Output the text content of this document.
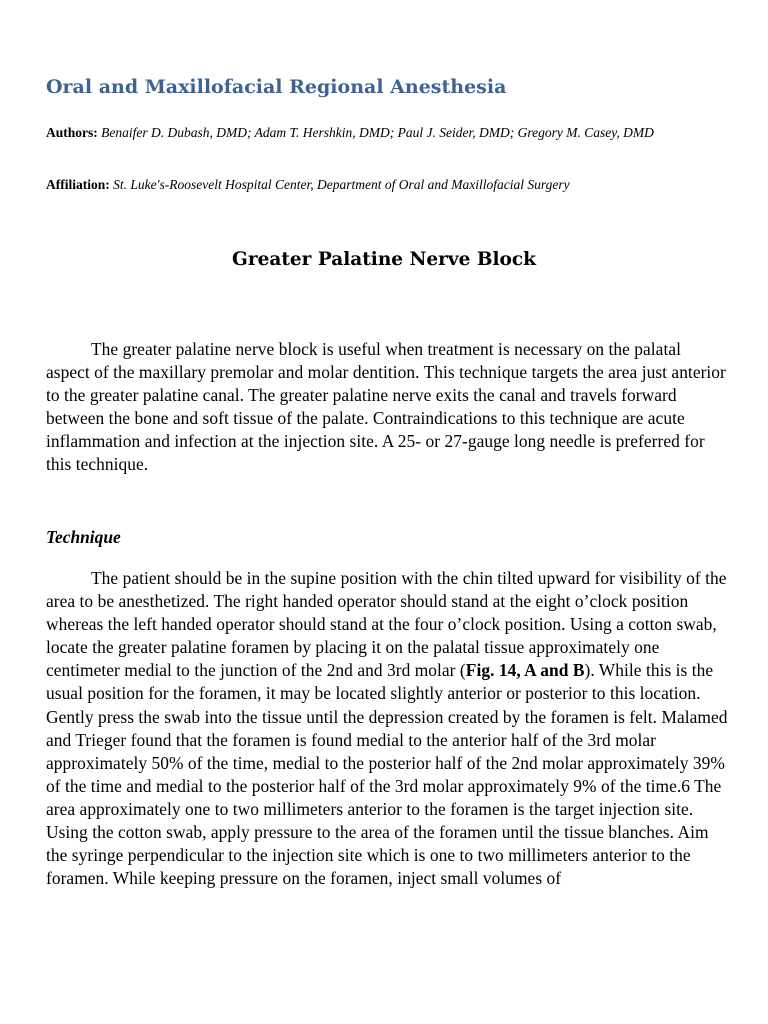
Oral and Maxillofacial Regional Anesthesia
Authors: Benaifer D. Dubash, DMD; Adam T. Hershkin, DMD; Paul J. Seider, DMD; Gregory M. Casey, DMD
Affiliation: St. Luke's-Roosevelt Hospital Center, Department of Oral and Maxillofacial Surgery
Greater Palatine Nerve Block

The greater palatine nerve block is useful when treatment is necessary on the palatal aspect of the maxillary premolar and molar dentition. This technique targets the area just anterior to the greater palatine canal. The greater palatine nerve exits the canal and travels forward between the bone and soft tissue of the palate. Contraindications to this technique are acute inflammation and infection at the injection site. A 25- or 27-gauge long needle is preferred for this technique.

Technique

The patient should be in the supine position with the chin tilted upward for visibility of the area to be anesthetized. The right handed operator should stand at the eight o’clock position whereas the left handed operator should stand at the four o’clock position. Using a cotton swab, locate the greater palatine foramen by placing it on the palatal tissue approximately one centimeter medial to the junction of the 2nd and 3rd molar (Fig. 14, A and B). While this is the usual position for the foramen, it may be located slightly anterior or posterior to this location. Gently press the swab into the tissue until the depression created by the foramen is felt. Malamed and Trieger found that the foramen is found medial to the anterior half of the 3rd molar approximately 50% of the time, medial to the posterior half of the 2nd molar approximately 39% of the time and medial to the posterior half of the 3rd molar approximately 9% of the time.6 The area approximately one to two millimeters anterior to the foramen is the target injection site. Using the cotton swab, apply pressure to the area of the foramen until the tissue blanches. Aim the syringe perpendicular to the injection site which is one to two millimeters anterior to the foramen. While keeping pressure on the foramen, inject small volumes of
